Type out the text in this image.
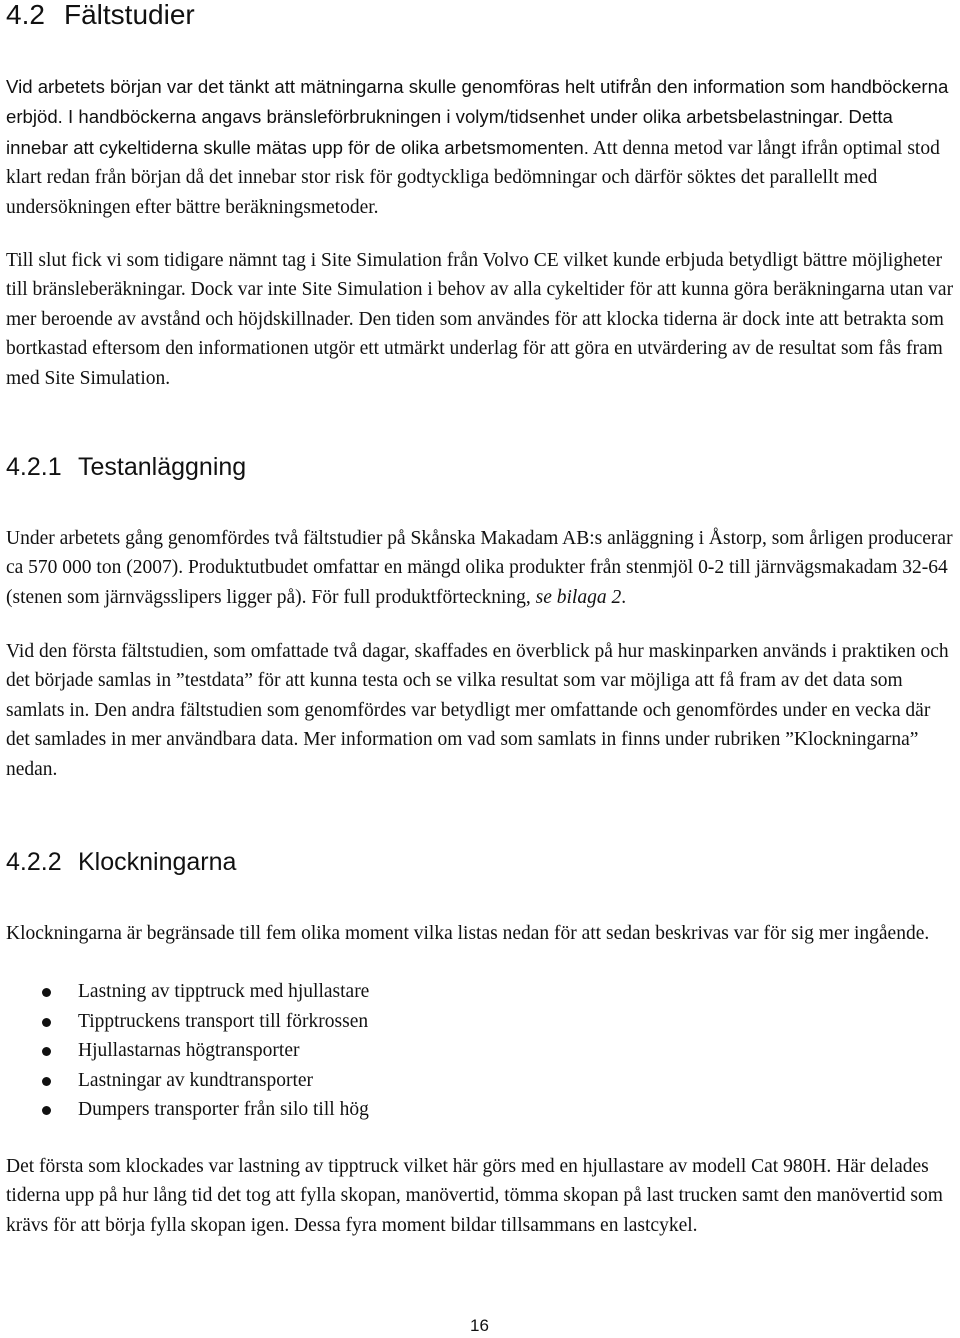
4.2 Fältstudier

Vid arbetets början var det tänkt att mätningarna skulle genomföras helt utifrån den information som handböckerna erbjöd. I handböckerna angavs bränsleförbrukningen i volym/tidsenhet under olika arbetsbelastningar. Detta innebar att cykeltiderna skulle mätas upp för de olika arbetsmomenten. Att denna metod var långt ifrån optimal stod klart redan från början då det innebar stor risk för godtyckliga bedömningar och därför söktes det parallellt med undersökningen efter bättre beräkningsmetoder.

Till slut fick vi som tidigare nämnt tag i Site Simulation från Volvo CE vilket kunde erbjuda betydligt bättre möjligheter till bränsleberäkningar. Dock var inte Site Simulation i behov av alla cykeltider för att kunna göra beräkningarna utan var mer beroende av avstånd och höjdskillnader. Den tiden som användes för att klocka tiderna är dock inte att betrakta som bortkastad eftersom den informationen utgör ett utmärkt underlag för att göra en utvärdering av de resultat som fås fram med Site Simulation.

4.2.1 Testanläggning

Under arbetets gång genomfördes två fältstudier på Skånska Makadam AB:s anläggning i Åstorp, som årligen producerar ca 570 000 ton (2007). Produktutbudet omfattar en mängd olika produkter från stenmjöl 0-2 till järnvägsmakadam 32-64 (stenen som järnvägsslipers ligger på). För full produktförteckning, se bilaga 2.

Vid den första fältstudien, som omfattade två dagar, skaffades en överblick på hur maskinparken används i praktiken och det började samlas in ”testdata” för att kunna testa och se vilka resultat som var möjliga att få fram av det data som samlats in. Den andra fältstudien som genomfördes var betydligt mer omfattande och genomfördes under en vecka där det samlades in mer användbara data. Mer information om vad som samlats in finns under rubriken ”Klockningarna” nedan.

4.2.2 Klockningarna

Klockningarna är begränsade till fem olika moment vilka listas nedan för att sedan beskrivas var för sig mer ingående.

Lastning av tipptruck med hjullastare
Tipptruckens transport till förkrossen
Hjullastarnas högtransporter
Lastningar av kundtransporter
Dumpers transporter från silo till hög

Det första som klockades var lastning av tipptruck vilket här görs med en hjullastare av modell Cat 980H. Här delades tiderna upp på hur lång tid det tog att fylla skopan, manövertid, tömma skopan på last trucken samt den manövertid som krävs för att börja fylla skopan igen. Dessa fyra moment bildar tillsammans en lastcykel.

16
